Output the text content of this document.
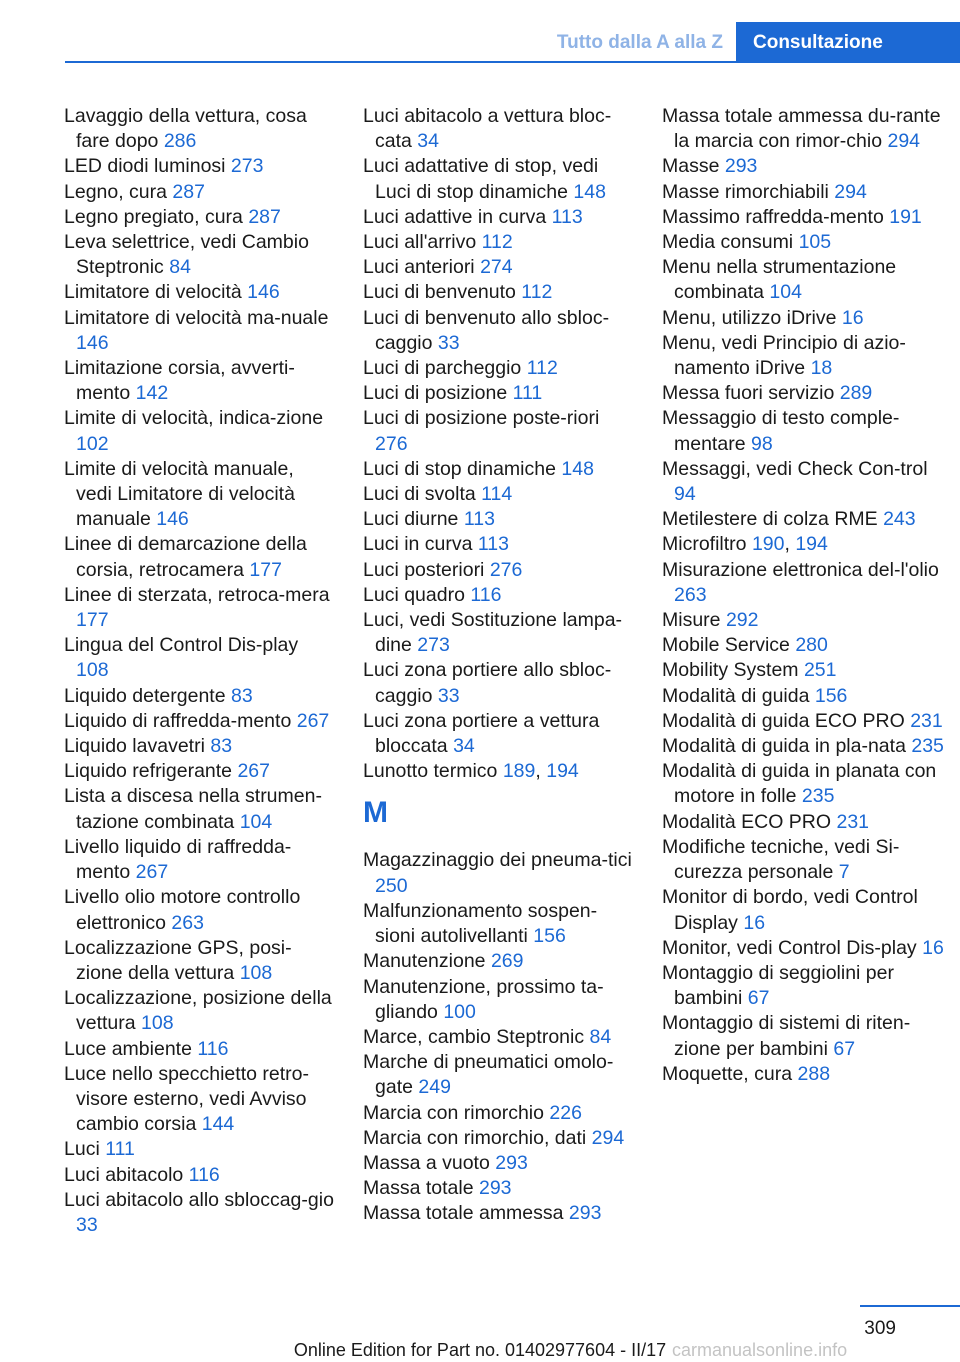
Tutto dalla A alla Z	Consultazione
Lavaggio della vettura, cosa fare dopo 286
LED diodi luminosi 273
Legno, cura 287
Legno pregiato, cura 287
Leva selettrice, vedi Cambio Steptronic 84
Limitatore di velocità 146
Limitatore di velocità ma-nuale 146
Limitazione corsia, avverti-mento 142
Limite di velocità, indica-zione 102
Limite di velocità manuale, vedi Limitatore di velocità manuale 146
Linee di demarcazione della corsia, retrocamera 177
Linee di sterzata, retroca-mera 177
Lingua del Control Dis-play 108
Liquido detergente 83
Liquido di raffredda-mento 267
Liquido lavavetri 83
Liquido refrigerante 267
Lista a discesa nella strumen-tazione combinata 104
Livello liquido di raffredda-mento 267
Livello olio motore controllo elettronico 263
Localizzazione GPS, posi-zione della vettura 108
Localizzazione, posizione della vettura 108
Luce ambiente 116
Luce nello specchietto retro-visore esterno, vedi Avviso cambio corsia 144
Luci 111
Luci abitacolo 116
Luci abitacolo allo sbloccag-gio 33
Luci abitacolo a vettura bloc-cata 34
Luci adattative di stop, vedi Luci di stop dinamiche 148
Luci adattive in curva 113
Luci all'arrivo 112
Luci anteriori 274
Luci di benvenuto 112
Luci di benvenuto allo sbloc-caggio 33
Luci di parcheggio 112
Luci di posizione 111
Luci di posizione poste-riori 276
Luci di stop dinamiche 148
Luci di svolta 114
Luci diurne 113
Luci in curva 113
Luci posteriori 276
Luci quadro 116
Luci, vedi Sostituzione lampa-dine 273
Luci zona portiere allo sbloc-caggio 33
Luci zona portiere a vettura bloccata 34
Lunotto termico 189, 194
M
Magazzinaggio dei pneuma-tici 250
Malfunzionamento sospen-sioni autolivellanti 156
Manutenzione 269
Manutenzione, prossimo ta-gliando 100
Marce, cambio Steptronic 84
Marche di pneumatici omolo-gate 249
Marcia con rimorchio 226
Marcia con rimorchio, dati 294
Massa a vuoto 293
Massa totale 293
Massa totale ammessa 293
Massa totale ammessa du-rante la marcia con rimor-chio 294
Masse 293
Masse rimorchiabili 294
Massimo raffredda-mento 191
Media consumi 105
Menu nella strumentazione combinata 104
Menu, utilizzo iDrive 16
Menu, vedi Principio di azio-namento iDrive 18
Messa fuori servizio 289
Messaggio di testo comple-mentare 98
Messaggi, vedi Check Con-trol 94
Metilestere di colza RME 243
Microfiltro 190, 194
Misurazione elettronica del-l'olio 263
Misure 292
Mobile Service 280
Mobility System 251
Modalità di guida 156
Modalità di guida ECO PRO 231
Modalità di guida in pla-nata 235
Modalità di guida in planata con motore in folle 235
Modalità ECO PRO 231
Modifiche tecniche, vedi Si-curezza personale 7
Monitor di bordo, vedi Control Display 16
Monitor, vedi Control Dis-play 16
Montaggio di seggiolini per bambini 67
Montaggio di sistemi di riten-zione per bambini 67
Moquette, cura 288
309
Online Edition for Part no. 01402977604 - II/17 carmanualsonline.info
